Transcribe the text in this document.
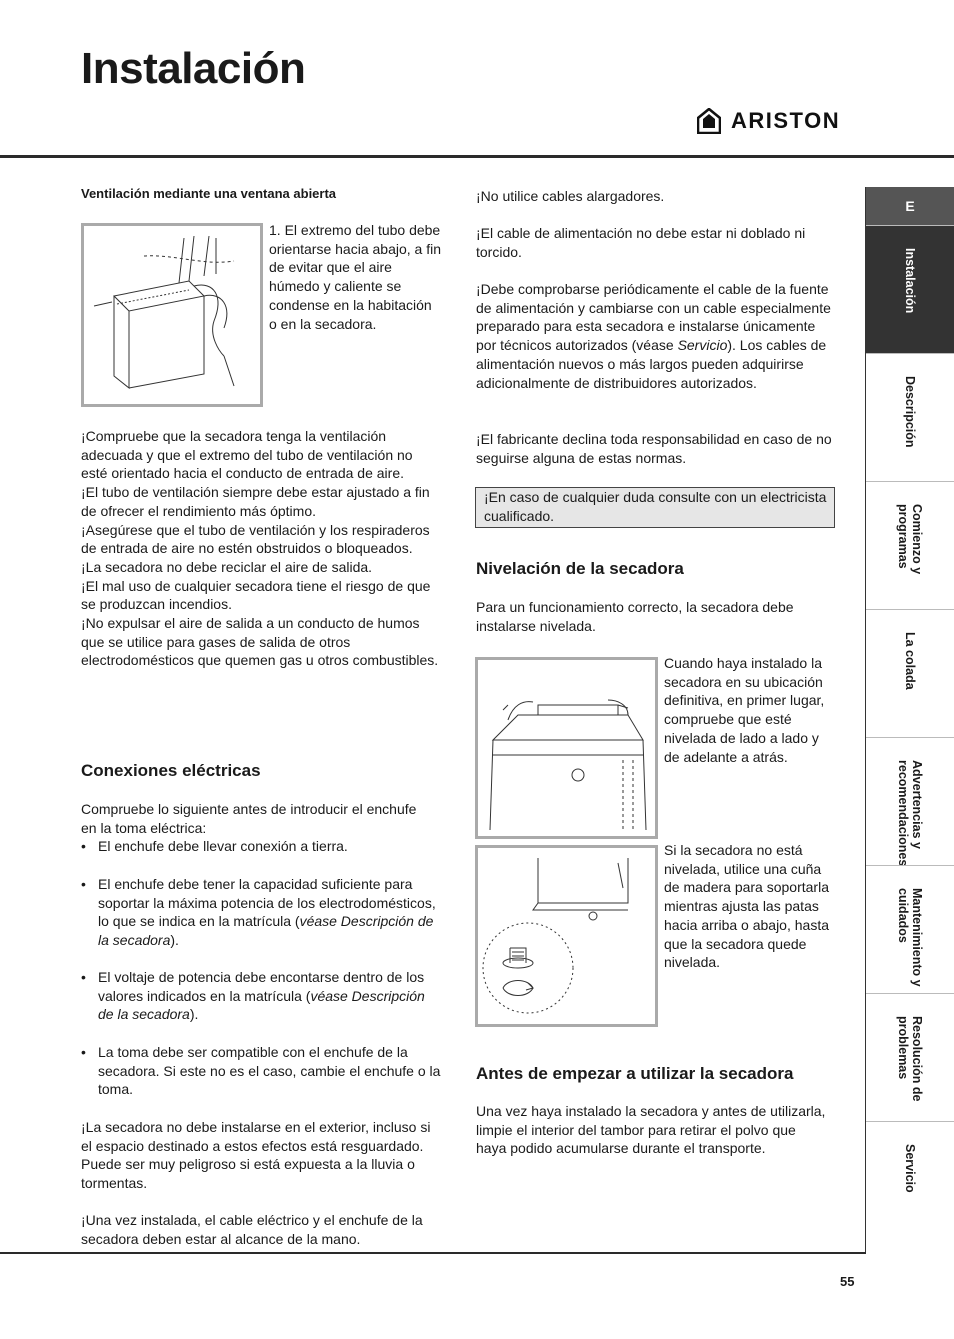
Instalación
ARISTON

Ventilación mediante una ventana abierta

1. El extremo del tubo debe orientarse hacia abajo, a fin de evitar que el aire húmedo y caliente se condense en la habitación o en la secadora.

¡Compruebe que la secadora tenga la ventilación adecuada y que el extremo del tubo de ventilación no esté orientado hacia el conducto de entrada de aire.

¡El tubo de ventilación siempre debe estar ajustado a fin de ofrecer el rendimiento más óptimo.

¡Asegúrese que el tubo de ventilación y los respiraderos de entrada de aire no estén obstruidos o bloqueados.

¡La secadora no debe reciclar el aire de salida.

¡El mal uso de cualquier secadora tiene el riesgo de que se produzcan incendios.

¡No expulsar el aire de salida a un conducto de humos que se utilice para gases de salida de otros electrodomésticos que quemen gas u otros combustibles.

Conexiones eléctricas

Compruebe lo siguiente antes de introducir el enchufe en la toma eléctrica:

• El enchufe debe llevar conexión a tierra.
• El enchufe debe tener la capacidad suficiente para soportar la máxima potencia de los electrodomésticos, lo que se indica en la matrícula (véase Descripción de la secadora).
• El voltaje de potencia debe encontarse dentro de los valores indicados en la matrícula (véase Descripción de la secadora).
• La toma debe ser compatible con el enchufe de la secadora. Si este no es el caso, cambie el enchufe o la toma.

¡La secadora no debe instalarse en el exterior, incluso si el espacio destinado a estos efectos está resguardado. Puede ser muy peligroso si está expuesta a la lluvia o tormentas.

¡Una vez instalada, el cable eléctrico y el enchufe de la secadora deben estar al alcance de la mano.

¡No utilice cables alargadores.

¡El cable de alimentación no debe estar ni doblado ni torcido.

¡Debe comprobarse periódicamente el cable de la fuente de alimentación y cambiarse con un cable especialmente preparado para esta secadora e instalarse únicamente por técnicos autorizados (véase Servicio). Los cables de alimentación nuevos o más largos pueden adquirirse adicionalmente de distribuidores autorizados.

¡El fabricante declina toda responsabilidad en caso de no seguirse alguna de estas normas.

¡En caso de cualquier duda consulte con un electricista cualificado.

Nivelación de la secadora

Para un funcionamiento correcto, la secadora debe instalarse nivelada.

Cuando haya instalado la secadora en su ubicación definitiva, en primer lugar, compruebe que esté nivelada de lado a lado y de adelante a atrás.

Si la secadora no está nivelada, utilice una cuña de madera para soportarla mientras ajusta las patas hacia arriba o abajo, hasta que la secadora quede nivelada.

Antes de empezar a utilizar la secadora

Una vez haya instalado la secadora y antes de utilizarla, limpie el interior del tambor para retirar el polvo que haya podido acumularse durante el transporte.

E
Instalación
Descripción
Comienzo y programas
La colada
Advertencias y recomendaciones
Mantenimiento y cuidados
Resolución de problemas
Servicio
55
